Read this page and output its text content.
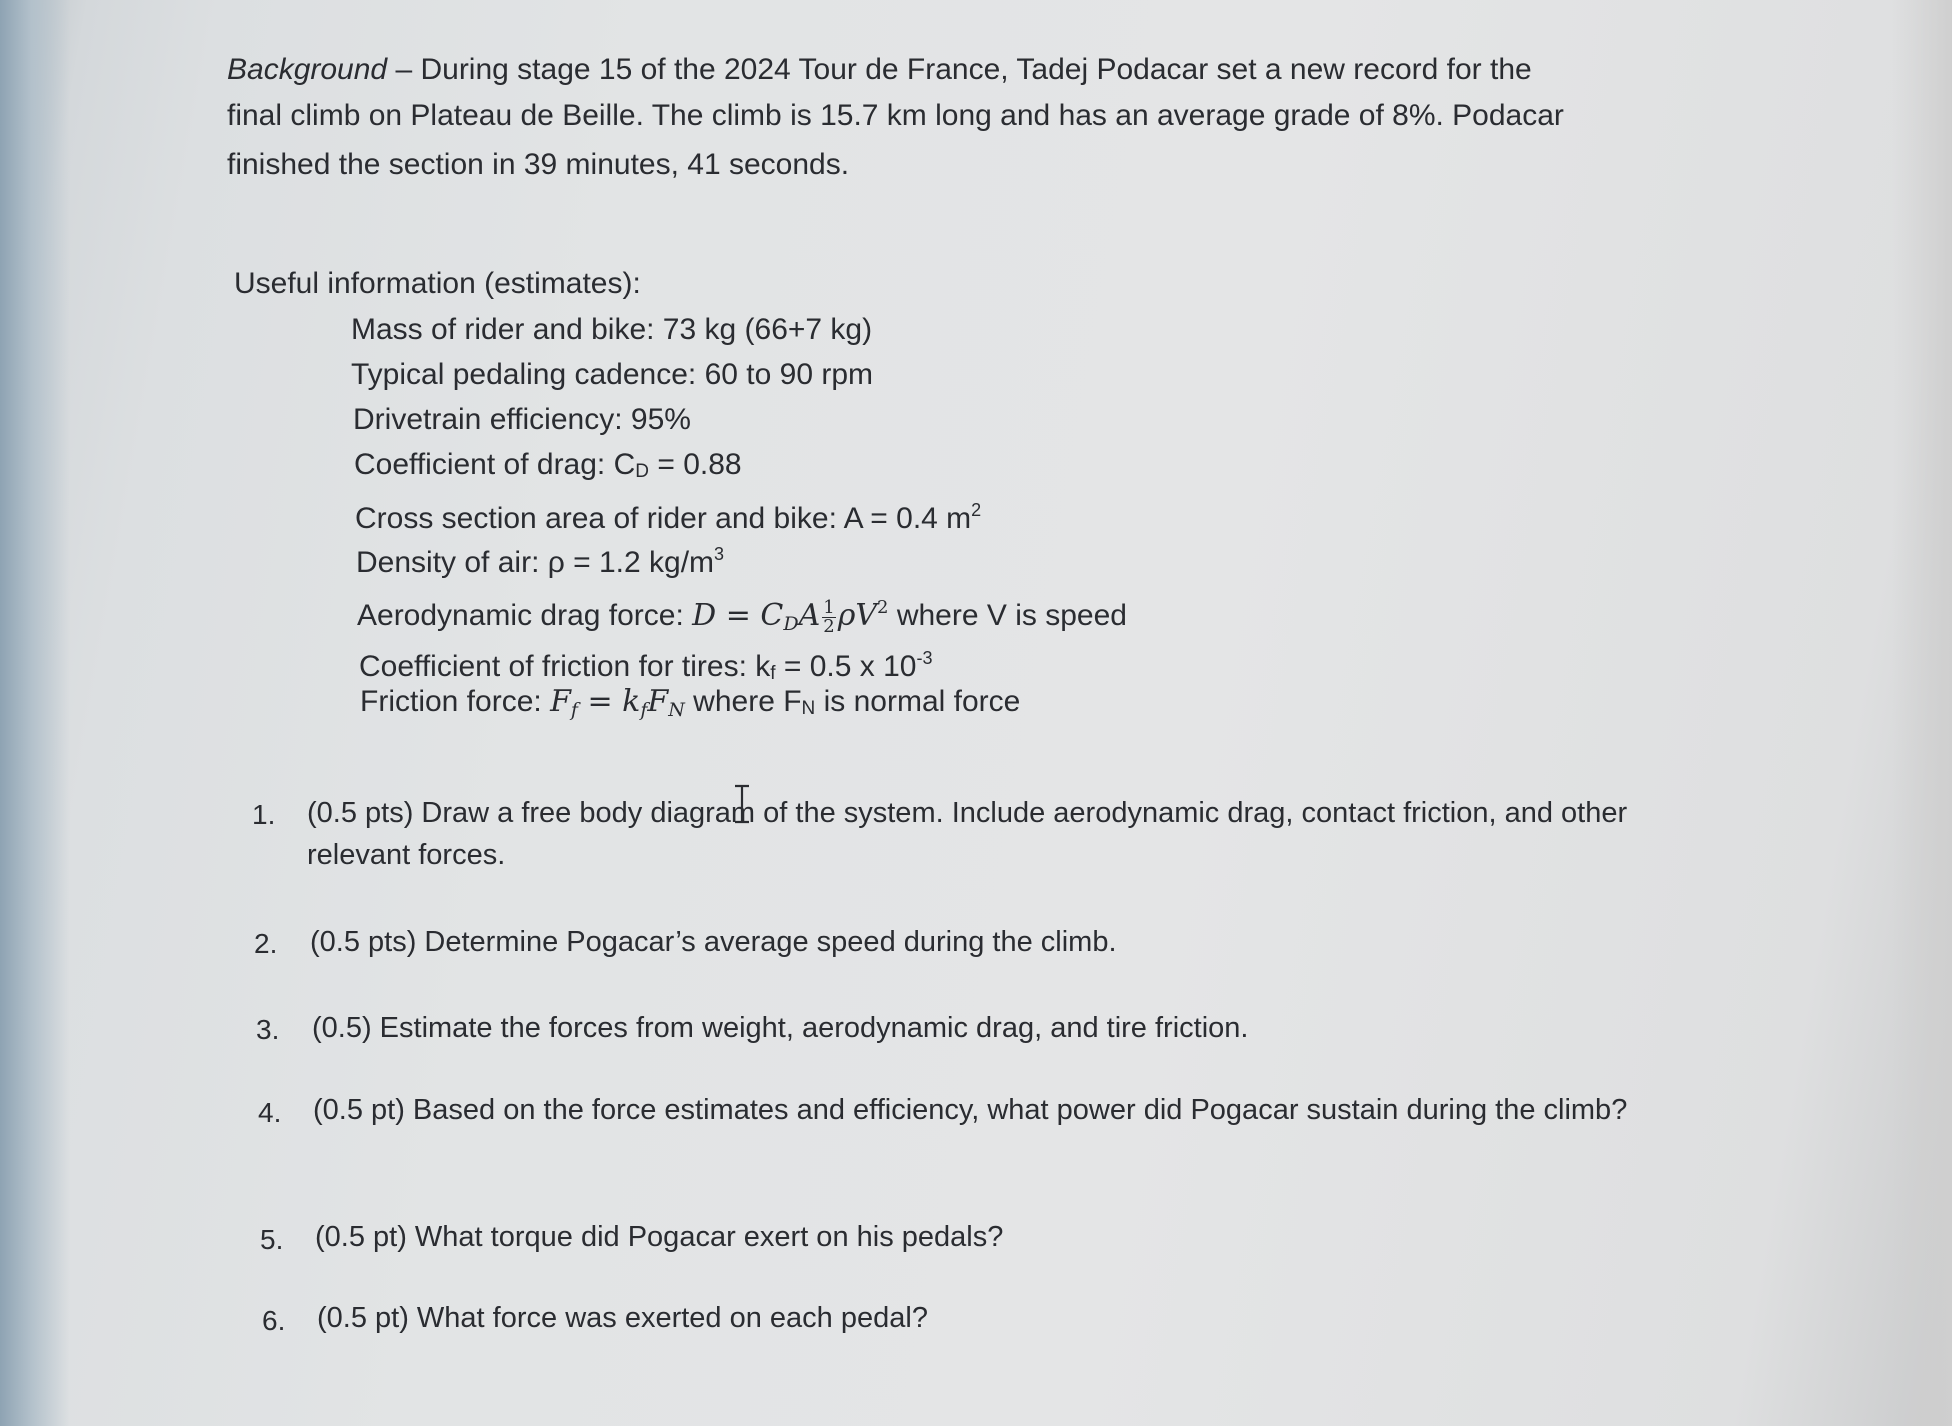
Background – During stage 15 of the 2024 Tour de France, Tadej Podacar set a new record for the
final climb on Plateau de Beille. The climb is 15.7 km long and has an average grade of 8%. Podacar
finished the section in 39 minutes, 41 seconds.
Useful information (estimates):
Mass of rider and bike: 73 kg (66+7 kg)
Typical pedaling cadence: 60 to 90 rpm
Drivetrain efficiency: 95%
Coefficient of drag: CD = 0.88
Cross section area of rider and bike: A = 0.4 $m^2$
Density of air: ρ = 1.2 $kg/m^3$
Aerodynamic drag force: D = CDA $\frac{1}{2} \rho V^2$ where V is speed
Coefficient of friction for tires: kf = 0.5 x $10^{-3}$
Friction force: Ff = kfFN where FN is normal force
1. (0.5 pts) Draw a free body diagram of the system. Include aerodynamic drag, contact friction, and other relevant forces.
2. (0.5 pts) Determine Pogacar’s average speed during the climb.
3. (0.5) Estimate the forces from weight, aerodynamic drag, and tire friction.
4. (0.5 pt) Based on the force estimates and efficiency, what power did Pogacar sustain during the climb?
5. (0.5 pt) What torque did Pogacar exert on his pedals?
6. (0.5 pt) What force was exerted on each pedal?
